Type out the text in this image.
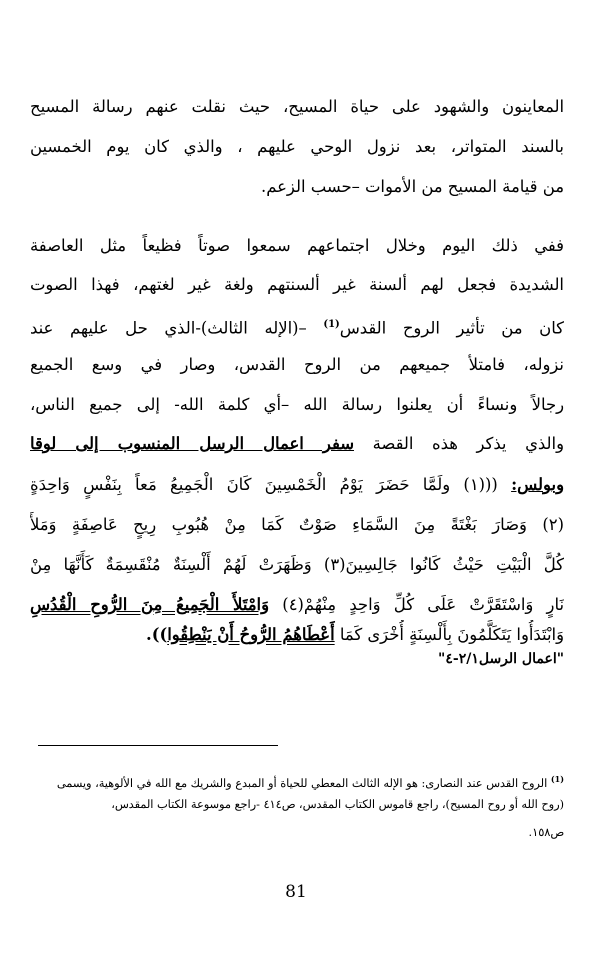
المعاينون والشهود على حياة المسيح، حيث نقلت عنهم رسالة المسيح
بالسند المتواتر، بعد نزول الوحي عليهم ، والذي كان يوم الخمسين
من قيامة المسيح من الأموات –حسب الزعم.
ففي ذلك اليوم وخلال اجتماعهم سمعوا صوتاً فظيعاً مثل العاصفة
الشديدة فجعل لهم ألسنة غير ألسنتهم ولغة غير لغتهم، فهذا الصوت
كان من تأثير الروح القدس$^{(1)}$ –(الإله الثالث)-الذي حل عليهم عند
نزوله، فامتلأ جميعهم من الروح القدس، وصار في وسع الجميع
رجالاً ونساءً أن يعلنوا رسالة الله –أي كلمة الله- إلى جميع الناس،
والذي يذكر هذه القصة سفر اعمال الرسل المنسوب إلى لوقا
وبولس: (((١) ولَمَّا حَضَرَ يَوْمُ الْخَمْسِينَ كَانَ الْجَمِيعُ مَعاً بِنَفْسٍ وَاحِدَةٍ
(٢) وَصَارَ بَغْتَةً مِنَ السَّمَاءِ صَوْتٌ كَمَا مِنْ هُبُوبِ رِيحٍ عَاصِفَةٍ وَمَلأَ
كُلَّ الْبَيْتِ حَيْثُ كَانُوا جَالِسِينَ(٣) وَظَهَرَتْ لَهُمْ أَلْسِنَةٌ مُنْقَسِمَةٌ كَأَنَّهَا مِنْ
نَارٍ وَاسْتَقَرَّتْ عَلَى كُلِّ وَاحِدٍ مِنْهُمْ(٤) وَامْتَلأَ الْجَمِيعُ مِنَ الرُّوحِ الْقُدُسِ
وَابْتَدَأُوا يَتَكَلَّمُونَ بِأَلْسِنَةٍ أُخْرَى كَمَا أَعْطَاهُمُ الرُّوحُ أَنْ يَنْطِقُوا)).
"اعمال الرسل٢/١-٤"
$^{(1)}$ الروح القدس عند النصارى: هو الإله الثالث المعطي للحياة أو المبدع والشريك مع الله في الألوهية، ويسمى
(روح الله أو روح المسيح)، راجع قاموس الكتاب المقدس، ص٤١٤ -راجع موسوعة الكتاب المقدس،
ص١٥٨.
81
